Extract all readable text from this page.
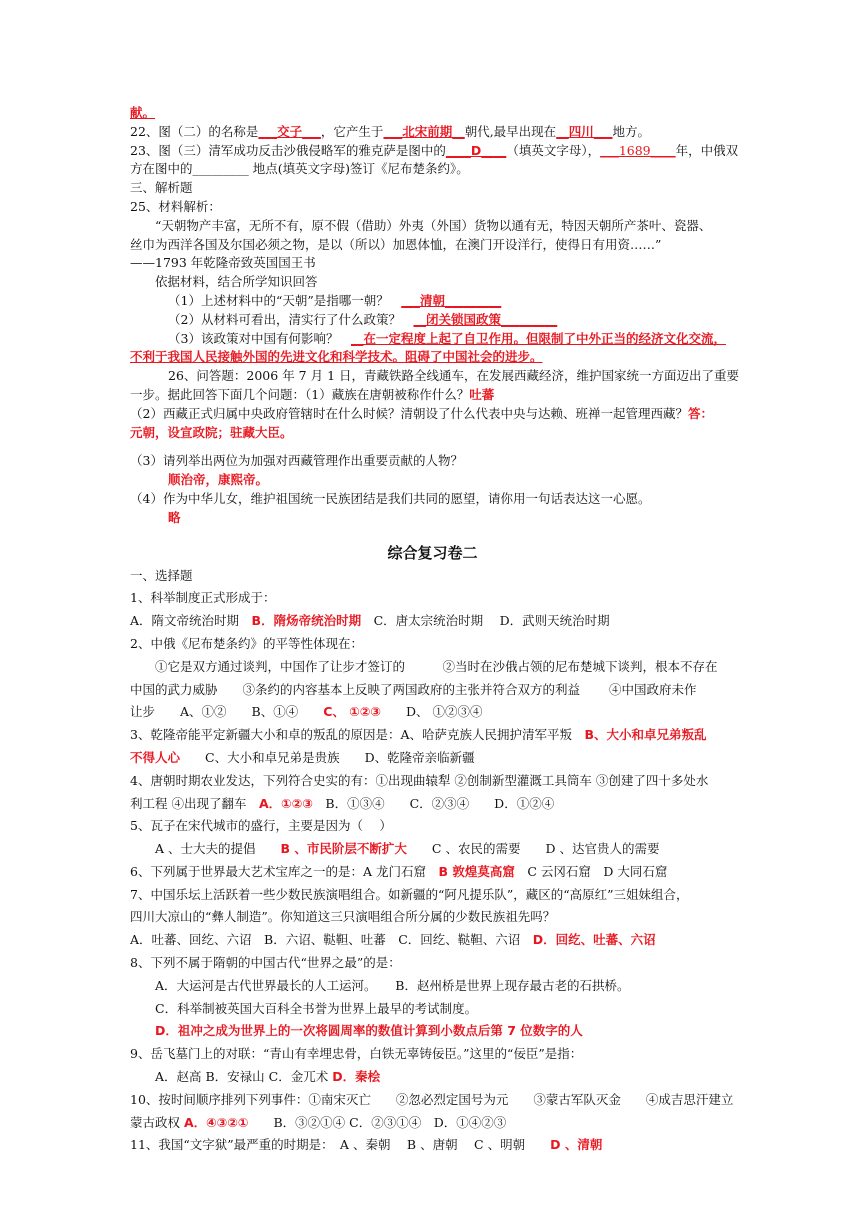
献。
22、图（二）的名称是___交子___，它产生于___北宋前期__朝代,最早出现在__四川___地方。
23、图（三）清军成功反击沙俄侵略军的雅克萨是图中的____D____（填英文字母），___1689____年，中俄双
方在图中的_________ 地点(填英文字母)签订《尼布楚条约》。
三、解析题
25、材料解析：
“天朝物产丰富，无所不有，原不假（借助）外夷（外国）货物以通有无，特因天朝所产茶叶、瓷器、
丝巾为西洋各国及尔国必须之物，是以（所以）加恩体恤，在澳门开设洋行，使得日有用资……”
——1793 年乾隆帝致英国国王书
依据材料，结合所学知识回答
（1）上述材料中的“天朝”是指哪一朝？　 ___清朝_________
（2）从材料可看出，清实行了什么政策？　 __闭关锁国政策_________
（3）该政策对中国有何影响？　 __在一定程度上起了自卫作用。但限制了中外正当的经济文化交流，
不利于我国人民接触外国的先进文化和科学技术。阻碍了中国社会的进步。
26、问答题：2006 年 7 月 1 日，青藏铁路全线通车，在发展西藏经济，维护国家统一方面迈出了重要
一步。据此回答下面几个问题：（1）藏族在唐朝被称作什么？吐蕃
（2）西藏正式归属中央政府管辖时在什么时候？清朝设了什么代表中央与达赖、班禅一起管理西藏？答：
元朝，设宣政院；驻藏大臣。
（3）请列举出两位为加强对西藏管理作出重要贡献的人物？
顺治帝，康熙帝。
（4）作为中华儿女，维护祖国统一民族团结是我们共同的愿望，请你用一句话表达这一心愿。
略
综合复习卷二
一、选择题
1、科举制度正式形成于：
A．隋文帝统治时期　 B．隋炀帝统治时期　 C．唐太宗统治时期　 D．武则天统治时期
2、中俄《尼布楚条约》的平等性体现在：
①它是双方通过谈判，中国作了让步才签订的　　　②当时在沙俄占领的尼布楚城下谈判，根本不存在
中国的武力威胁　　③条约的内容基本上反映了两国政府的主张并符合双方的利益　　 ④中国政府未作
让步　　A、①②　　B、①④　　C、 ①②③　　D、 ①②③④
3、乾隆帝能平定新疆大小和卓的叛乱的原因是：A、哈萨克族人民拥护清军平叛　B、大小和卓兄弟叛乱
不得人心　　C、大小和卓兄弟是贵族　　D、乾隆帝亲临新疆
4、唐朝时期农业发达，下列符合史实的有：①出现曲辕犁 ②创制新型灌溉工具筒车 ③创建了四十多处水
利工程 ④出现了翻车　A．①②③　B．①③④　　C．②③④　　D．①②④
5、瓦子在宋代城市的盛行，主要是因为（　 ）
A 、士大夫的提倡　　B 、市民阶层不断扩大　　C 、农民的需要　　D 、达官贵人的需要
6、下列属于世界最大艺术宝库之一的是：A 龙门石窟　B 敦煌莫高窟　C 云冈石窟　D 大同石窟
7、中国乐坛上活跃着一些少数民族演唱组合。如新疆的“阿凡提乐队”，藏区的“高原红”三姐妹组合，
四川大凉山的“彝人制造”。你知道这三只演唱组合所分属的少数民族祖先吗？
A．吐蕃、回纥、六诏　B．六诏、鞑靼、吐蕃　C．回纥、鞑靼、六诏　D．回纥、吐蕃、六诏
8、下列不属于隋朝的中国古代“世界之最”的是：
A．大运河是古代世界最长的人工运河。　　B．赵州桥是世界上现存最古老的石拱桥。
C．科举制被英国大百科全书誉为世界上最早的考试制度。
D．祖冲之成为世界上的一次将圆周率的数值计算到小数点后第 7 位数字的人
9、岳飞墓门上的对联：“青山有幸埋忠骨，白铁无辜铸佞臣。”这里的“佞臣”是指：
A．赵高 B．安禄山 C．金兀术 D．秦桧
10、按时间顺序排列下列事件：①南宋灭亡　　②忽必烈定国号为元　　③蒙古军队灭金　　④成吉思汗建立
蒙古政权 A．④③②①　　B．③②①④ C．②③①④　D．①④②③
11、我国“文字狱”最严重的时期是：　A 、秦朝　 B 、唐朝　 C 、明朝　　D 、清朝
